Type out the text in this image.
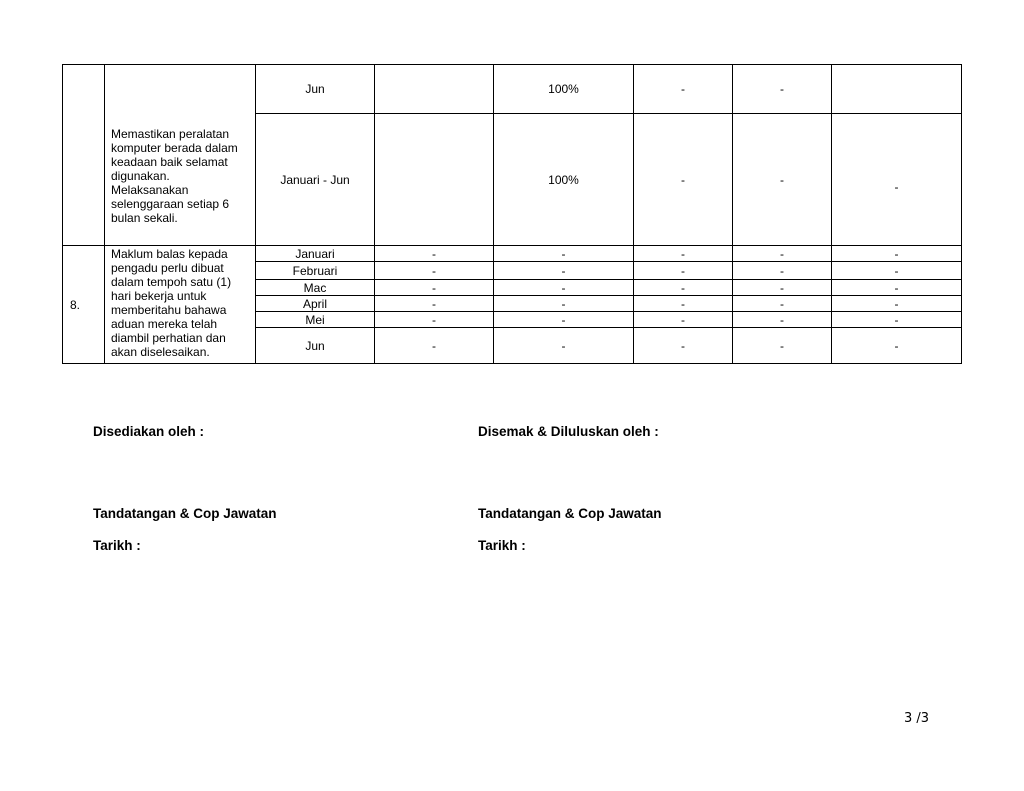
	Memastikan peralatan komputer berada dalam keadaan baik selamat digunakan. Melaksanakan selenggaraan setiap 6 bulan sekali.	Jun		100%	-	-	
		Januari - Jun		100%	-	-	-
8.	Maklum balas kepada pengadu perlu dibuat dalam tempoh satu (1) hari bekerja untuk memberitahu bahawa aduan mereka telah diambil perhatian dan akan diselesaikan.	Januari	-	-	-	-	-
		Februari	-	-	-	-	-
		Mac	-	-	-	-	-
		April	-	-	-	-	-
		Mei	-	-	-	-	-
		Jun	-	-	-	-	-
Disediakan oleh :	Disemak & Diluluskan oleh :
Tandatangan & Cop Jawatan	Tandatangan & Cop Jawatan
Tarikh :	Tarikh :
3 /3
